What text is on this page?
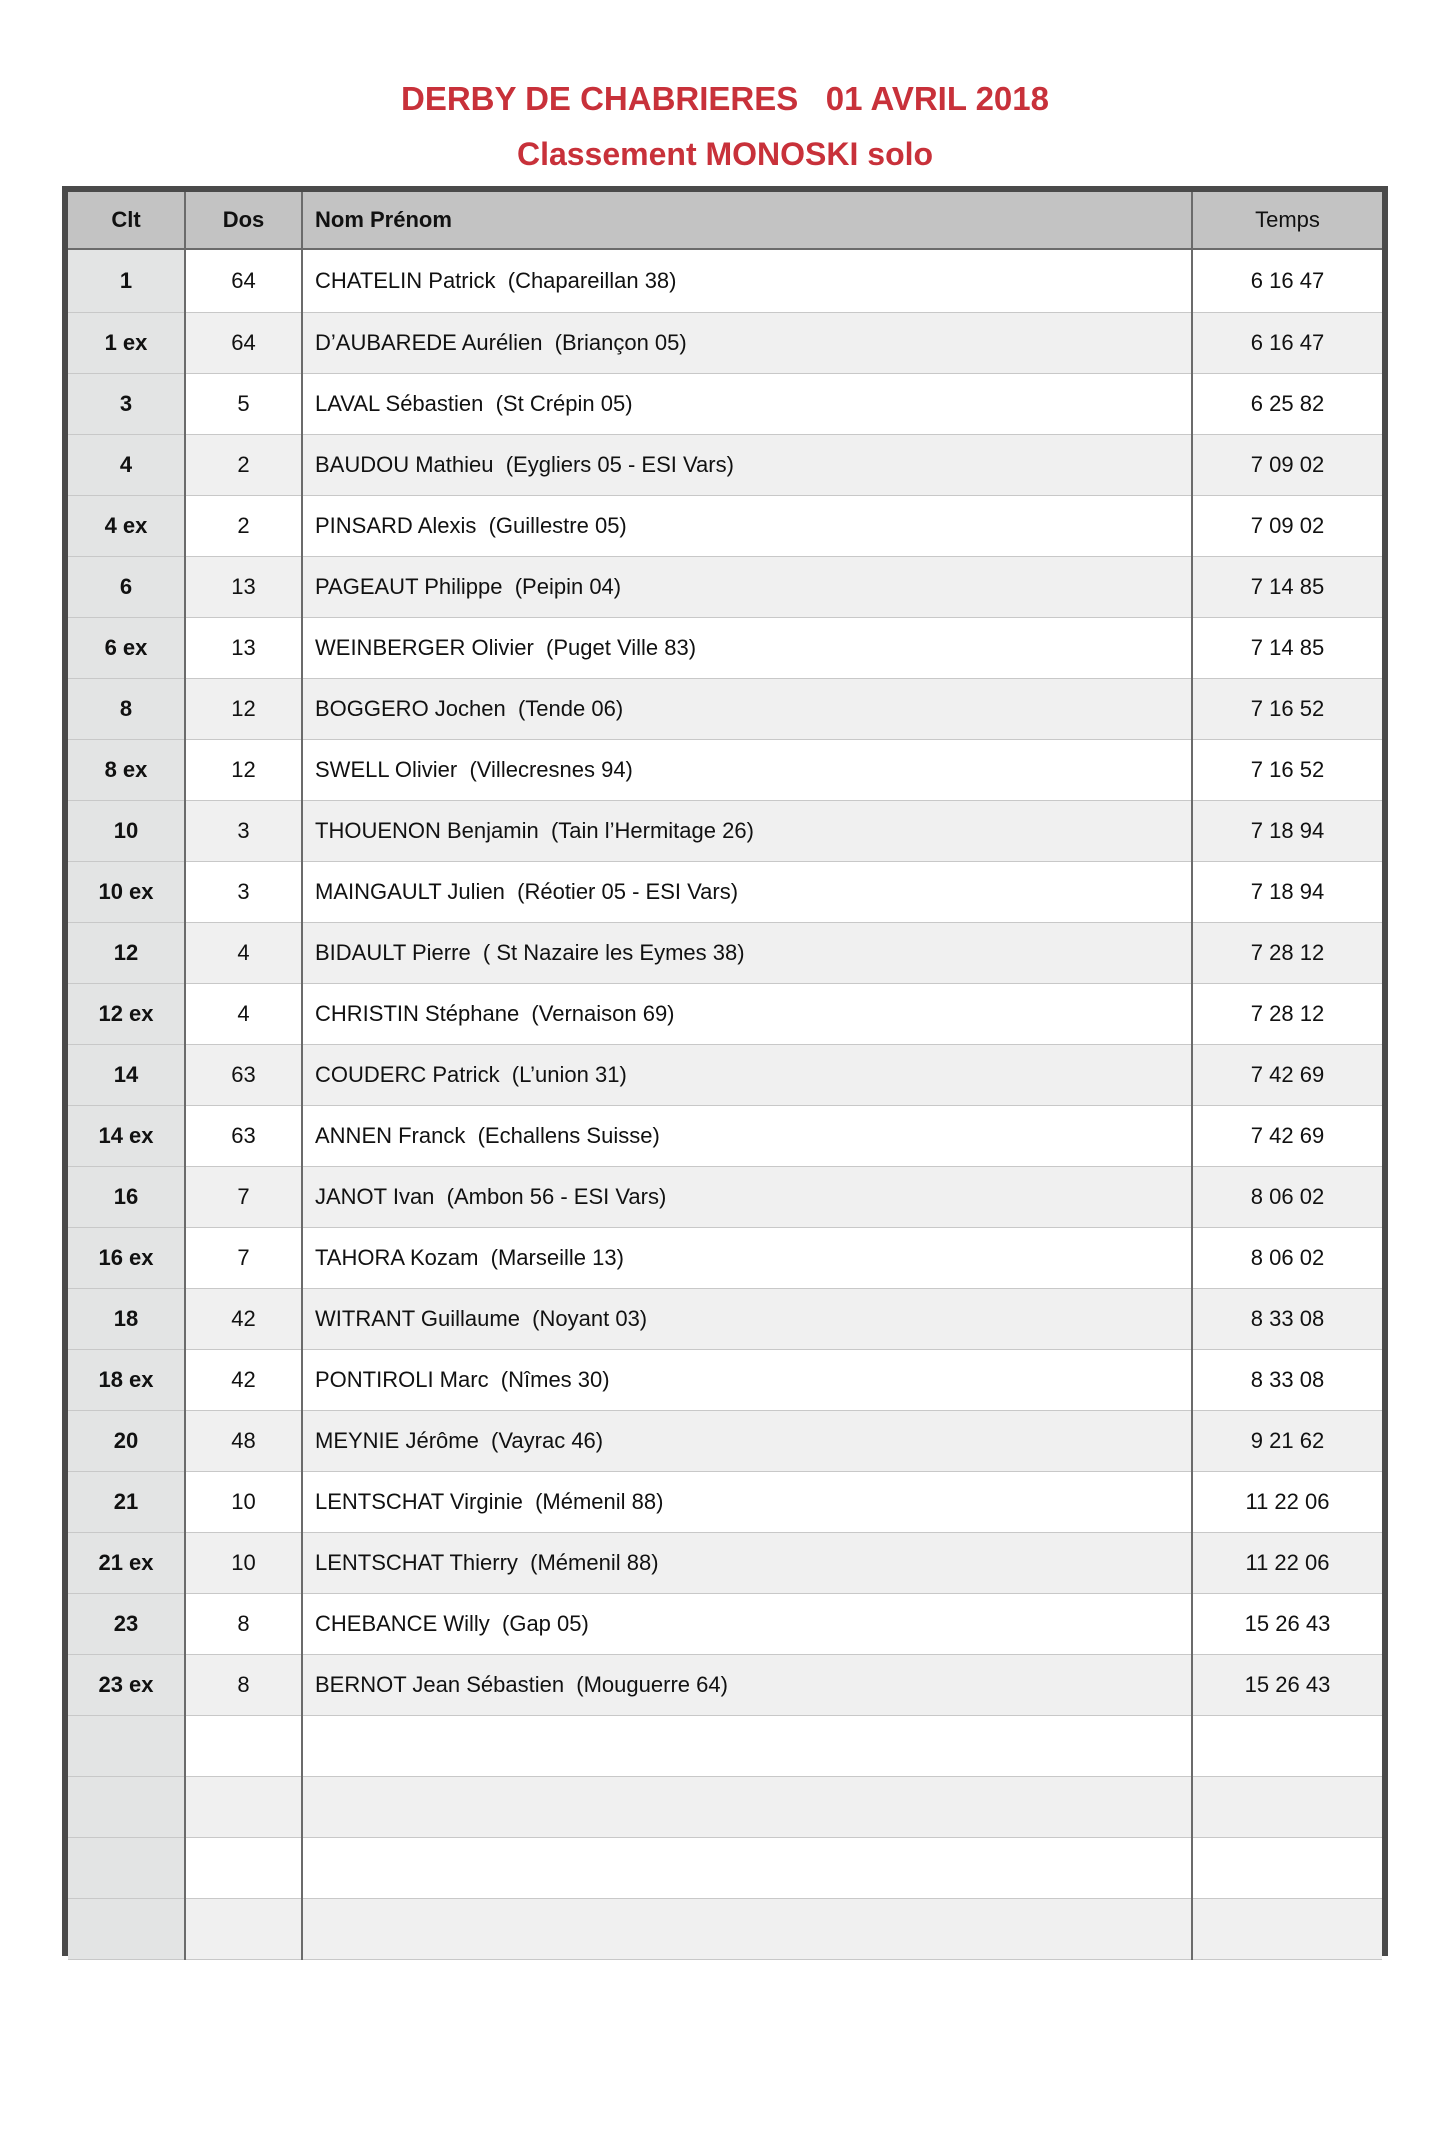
DERBY DE CHABRIERES   01 AVRIL 2018
Classement MONOSKI solo
Clt	Dos	Nom Prénom	Temps
1	64	CHATELIN Patrick  (Chapareillan 38)	6 16 47
1 ex	64	D’AUBAREDE Aurélien  (Briançon 05)	6 16 47
3	5	LAVAL Sébastien  (St Crépin 05)	6 25 82
4	2	BAUDOU Mathieu  (Eygliers 05 - ESI Vars)	7 09 02
4 ex	2	PINSARD Alexis  (Guillestre 05)	7 09 02
6	13	PAGEAUT Philippe  (Peipin 04)	7 14 85
6 ex	13	WEINBERGER Olivier  (Puget Ville 83)	7 14 85
8	12	BOGGERO Jochen  (Tende 06)	7 16 52
8 ex	12	SWELL Olivier  (Villecresnes 94)	7 16 52
10	3	THOUENON Benjamin  (Tain l’Hermitage 26)	7 18 94
10 ex	3	MAINGAULT Julien  (Réotier 05 - ESI Vars)	7 18 94
12	4	BIDAULT Pierre  ( St Nazaire les Eymes 38)	7 28 12
12 ex	4	CHRISTIN Stéphane  (Vernaison 69)	7 28 12
14	63	COUDERC Patrick  (L’union 31)	7 42 69
14 ex	63	ANNEN Franck  (Echallens Suisse)	7 42 69
16	7	JANOT Ivan  (Ambon 56 - ESI Vars)	8 06 02
16 ex	7	TAHORA Kozam  (Marseille 13)	8 06 02
18	42	WITRANT Guillaume  (Noyant 03)	8 33 08
18 ex	42	PONTIROLI Marc  (Nîmes 30)	8 33 08
20	48	MEYNIE Jérôme  (Vayrac 46)	9 21 62
21	10	LENTSCHAT Virginie  (Mémenil 88)	11 22 06
21 ex	10	LENTSCHAT Thierry  (Mémenil 88)	11 22 06
23	8	CHEBANCE Willy  (Gap 05)	15 26 43
23 ex	8	BERNOT Jean Sébastien  (Mouguerre 64)	15 26 43
